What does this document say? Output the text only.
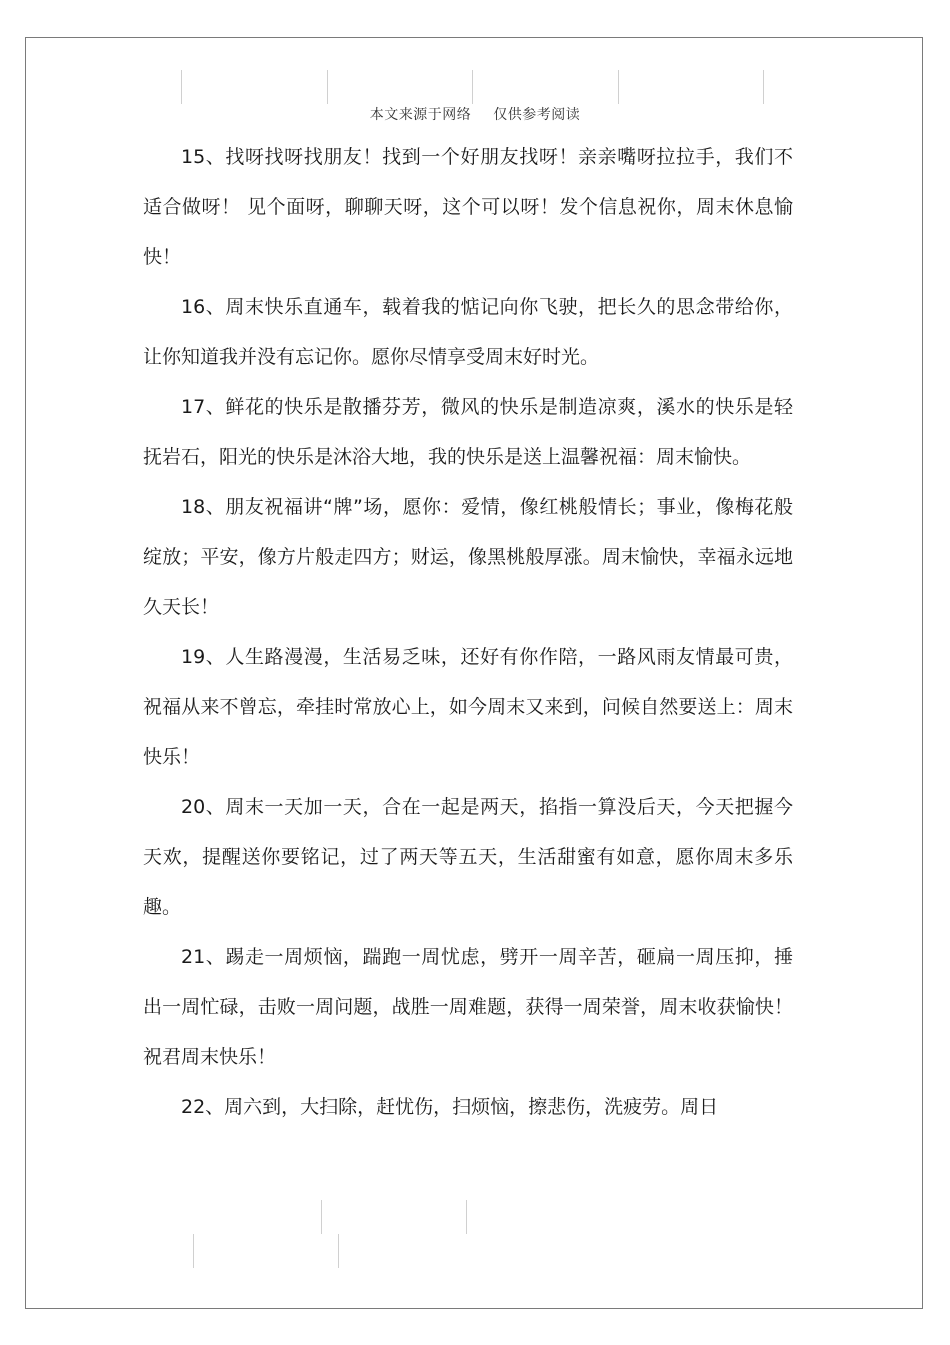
本文来源于网络 仅供参考阅读

15、找呀找呀找朋友！找到一个好朋友找呀！亲亲嘴呀拉拉手，我们不适合做呀！ 见个面呀，聊聊天呀，这个可以呀！发个信息祝你，周末休息愉快！

16、周末快乐直通车，载着我的惦记向你飞驶，把长久的思念带给你，让你知道我并没有忘记你。愿你尽情享受周末好时光。

17、鲜花的快乐是散播芬芳，微风的快乐是制造凉爽，溪水的快乐是轻抚岩石，阳光的快乐是沐浴大地，我的快乐是送上温馨祝福：周末愉快。

18、朋友祝福讲“牌”场，愿你：爱情，像红桃般情长；事业，像梅花般绽放；平安，像方片般走四方；财运，像黑桃般厚涨。周末愉快，幸福永远地久天长！

19、人生路漫漫，生活易乏味，还好有你作陪，一路风雨友情最可贵，祝福从来不曾忘，牵挂时常放心上，如今周末又来到，问候自然要送上：周末快乐！

20、周末一天加一天，合在一起是两天，掐指一算没后天，今天把握今天欢，提醒送你要铭记，过了两天等五天，生活甜蜜有如意，愿你周末多乐趣。

21、踢走一周烦恼，踹跑一周忧虑，劈开一周辛苦，砸扁一周压抑，捶出一周忙碌，击败一周问题，战胜一周难题，获得一周荣誉，周末收获愉快！祝君周末快乐！

22、周六到，大扫除，赶忧伤，扫烦恼，擦悲伤，洗疲劳。周日
